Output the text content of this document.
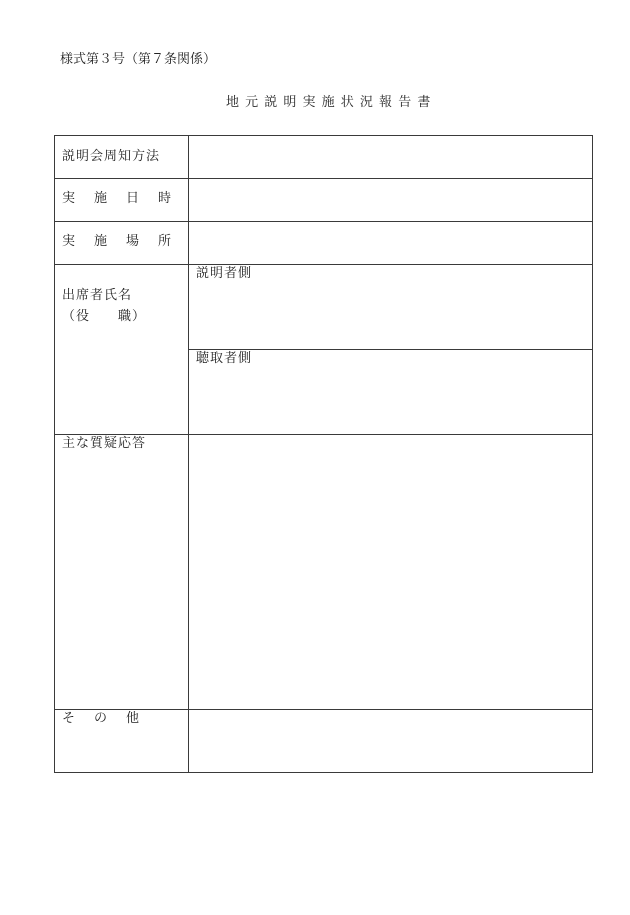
様式第３号（第７条関係）
地 元 説 明 実 施 状 況 報 告 書
説明会周知方法
実　施　日　時
実　施　場　所
出席者氏名
（役　　職）
説明者側
聴取者側
主な質疑応答
そ　の　他
